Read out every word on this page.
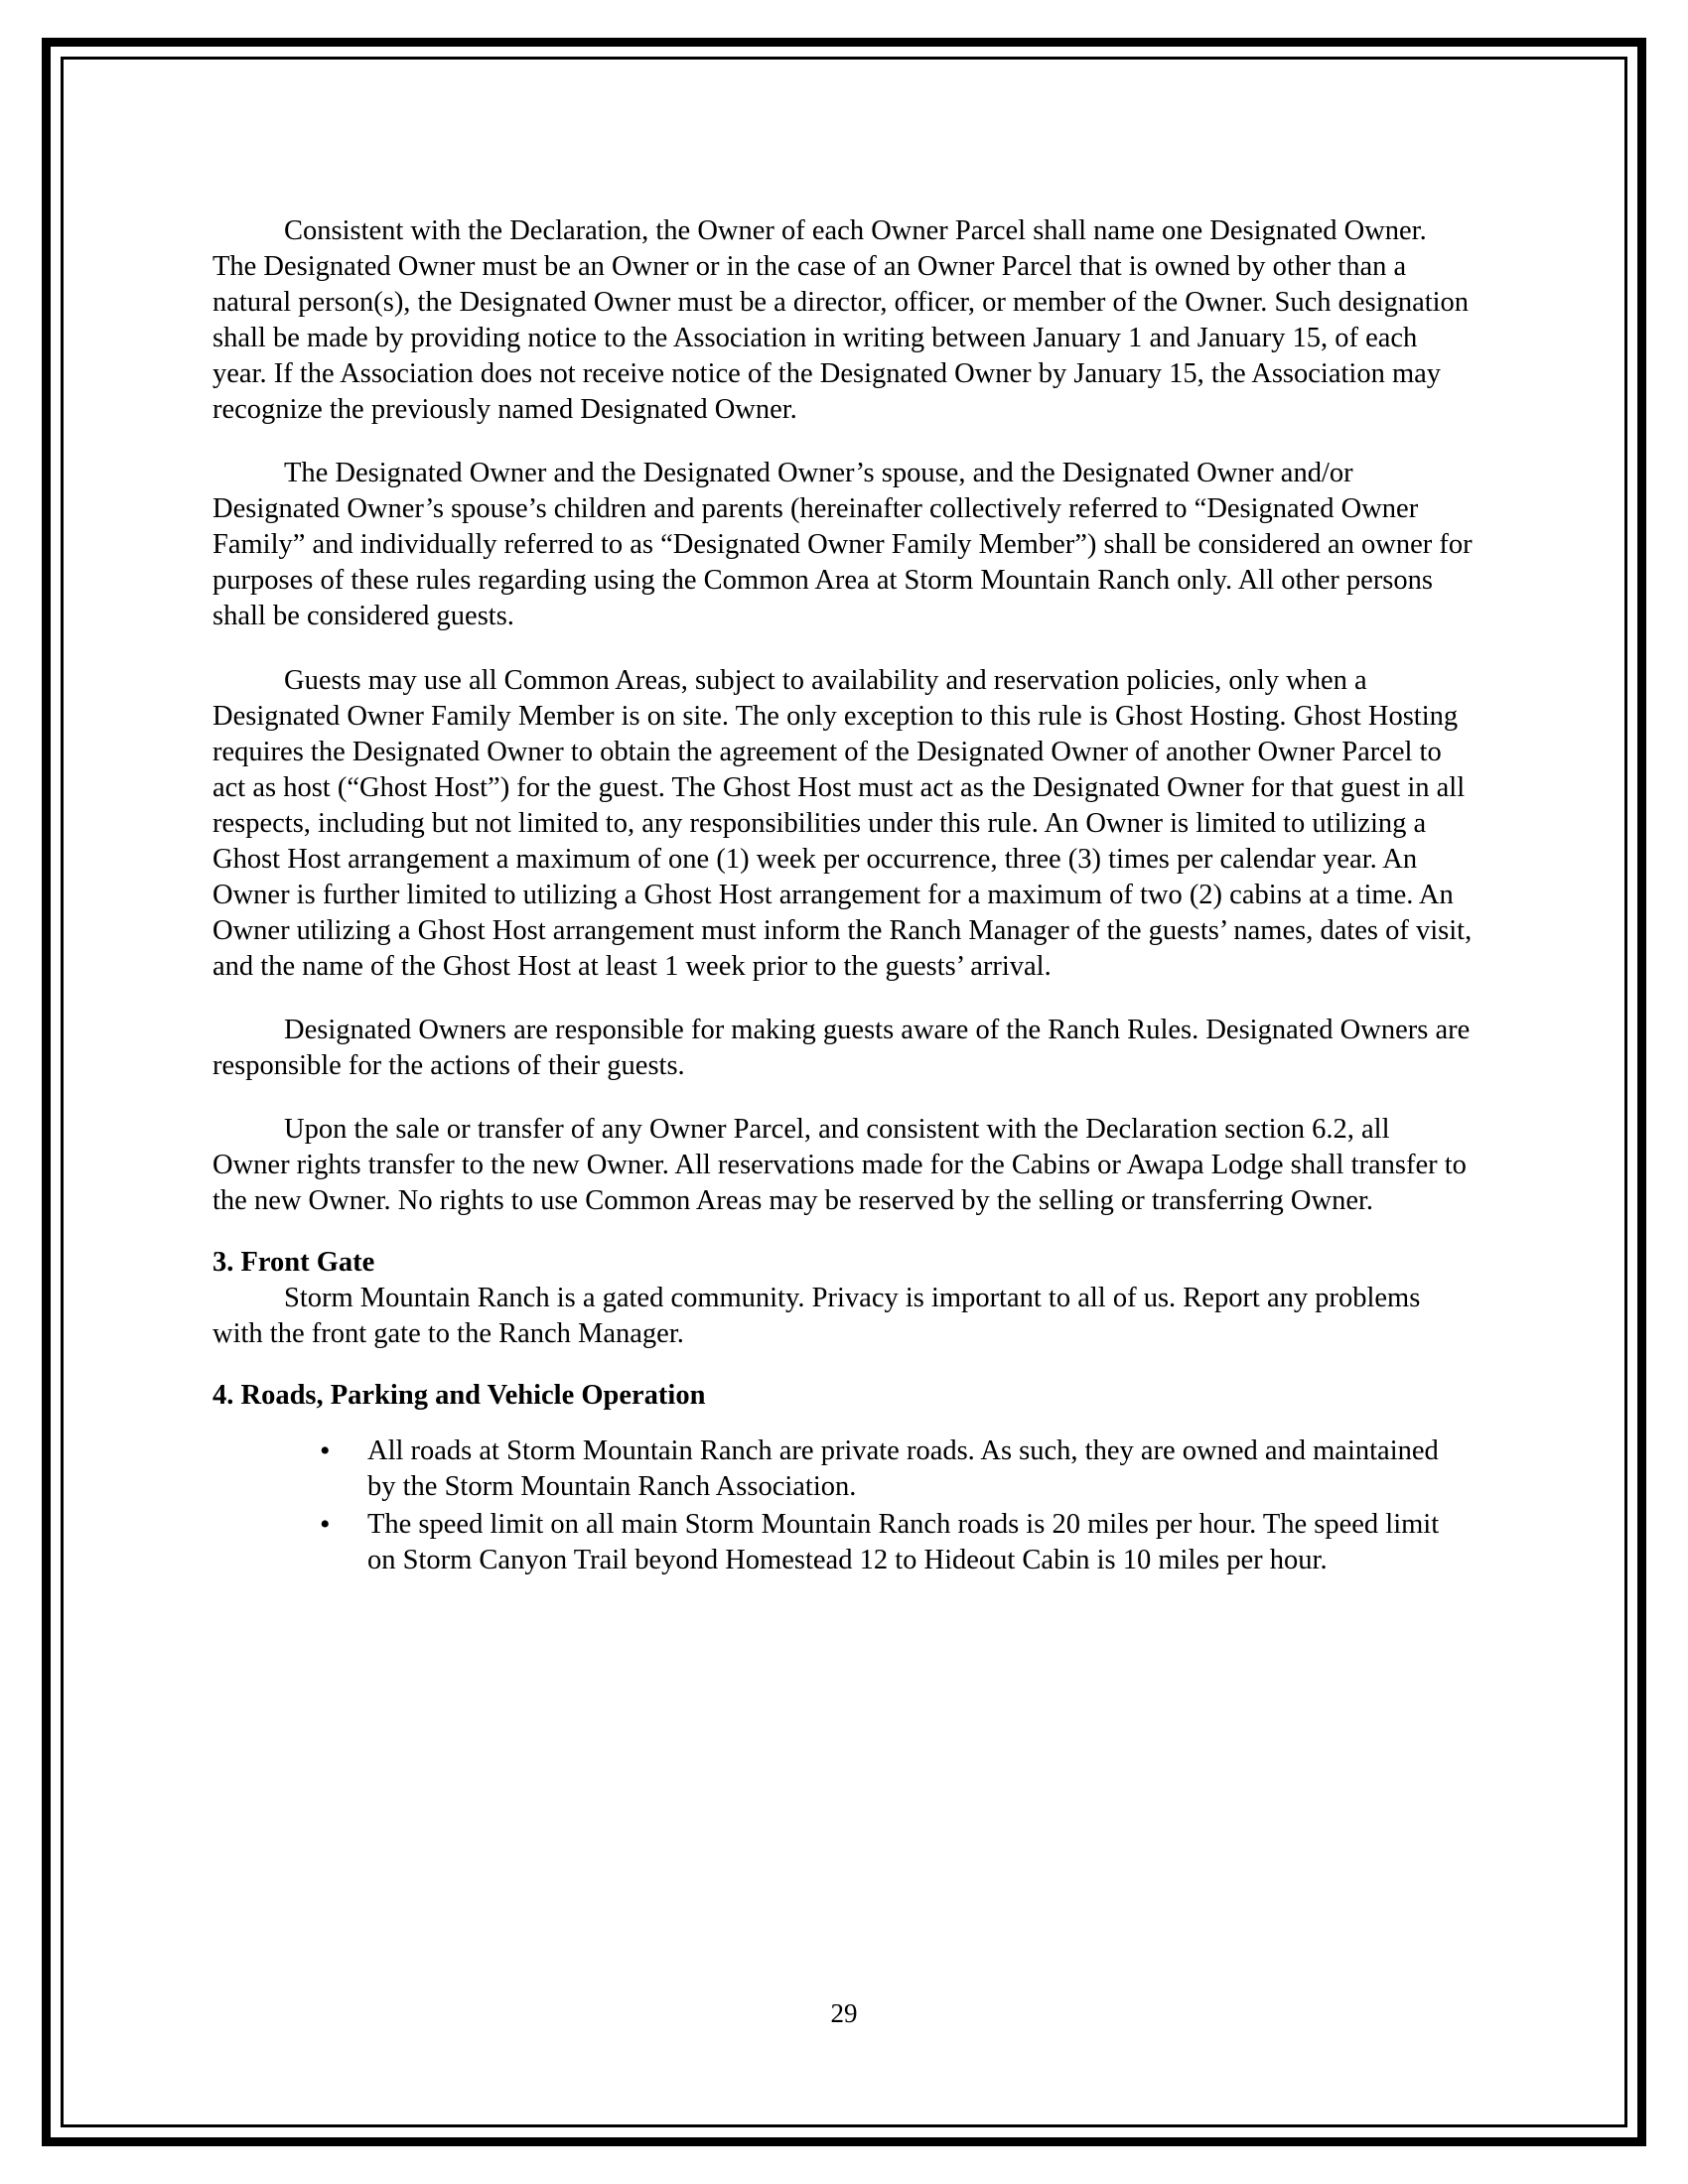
Consistent with the Declaration, the Owner of each Owner Parcel shall name one Designated Owner. The Designated Owner must be an Owner or in the case of an Owner Parcel that is owned by other than a natural person(s), the Designated Owner must be a director, officer, or member of the Owner. Such designation shall be made by providing notice to the Association in writing between January 1 and January 15, of each year. If the Association does not receive notice of the Designated Owner by January 15, the Association may recognize the previously named Designated Owner.

The Designated Owner and the Designated Owner’s spouse, and the Designated Owner and/or Designated Owner’s spouse’s children and parents (hereinafter collectively referred to “Designated Owner Family” and individually referred to as “Designated Owner Family Member”) shall be considered an owner for purposes of these rules regarding using the Common Area at Storm Mountain Ranch only. All other persons shall be considered guests.

Guests may use all Common Areas, subject to availability and reservation policies, only when a Designated Owner Family Member is on site. The only exception to this rule is Ghost Hosting. Ghost Hosting requires the Designated Owner to obtain the agreement of the Designated Owner of another Owner Parcel to act as host (“Ghost Host”) for the guest. The Ghost Host must act as the Designated Owner for that guest in all respects, including but not limited to, any responsibilities under this rule. An Owner is limited to utilizing a Ghost Host arrangement a maximum of one (1) week per occurrence, three (3) times per calendar year. An Owner is further limited to utilizing a Ghost Host arrangement for a maximum of two (2) cabins at a time. An Owner utilizing a Ghost Host arrangement must inform the Ranch Manager of the guests’ names, dates of visit, and the name of the Ghost Host at least 1 week prior to the guests’ arrival.

Designated Owners are responsible for making guests aware of the Ranch Rules. Designated Owners are responsible for the actions of their guests.

Upon the sale or transfer of any Owner Parcel, and consistent with the Declaration section 6.2, all Owner rights transfer to the new Owner. All reservations made for the Cabins or Awapa Lodge shall transfer to the new Owner. No rights to use Common Areas may be reserved by the selling or transferring Owner.

3. Front Gate

Storm Mountain Ranch is a gated community. Privacy is important to all of us. Report any problems with the front gate to the Ranch Manager.

4. Roads, Parking and Vehicle Operation
• All roads at Storm Mountain Ranch are private roads. As such, they are owned and maintained by the Storm Mountain Ranch Association.
• The speed limit on all main Storm Mountain Ranch roads is 20 miles per hour. The speed limit on Storm Canyon Trail beyond Homestead 12 to Hideout Cabin is 10 miles per hour.
29
